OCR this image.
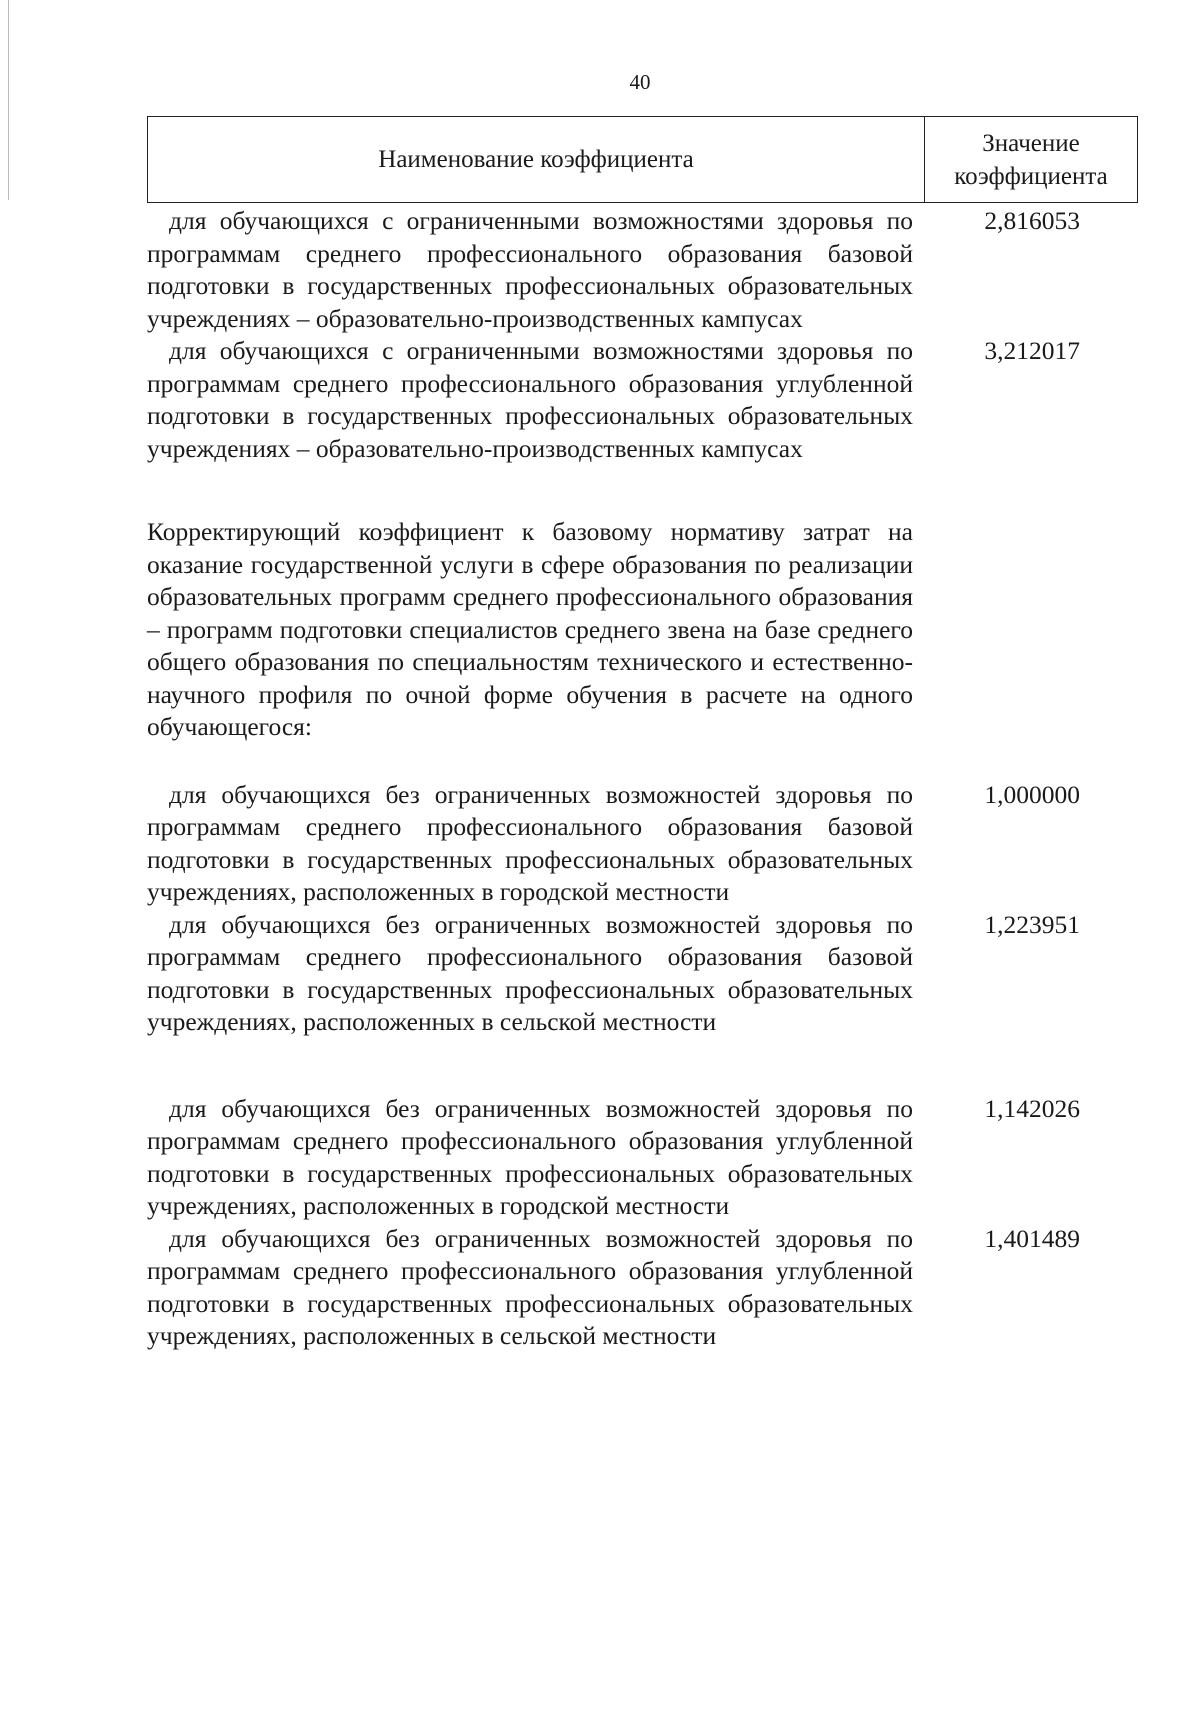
40
Наименование коэффициента
Значение
коэффициента
для обучающихся с ограниченными возможностями здоровья по программам среднего профессионального образования базовой подготовки в государственных профессиональных образовательных учреждениях – образовательно-производственных кампусах
2,816053
для обучающихся с ограниченными возможностями здоровья по программам среднего профессионального образования углубленной подготовки в государственных профессиональных образовательных учреждениях – образовательно-производственных кампусах
3,212017
Корректирующий коэффициент к базовому нормативу затрат на оказание государственной услуги в сфере образования по реализации образовательных программ среднего профессионального образования – программ подготовки специалистов среднего звена на базе среднего общего образования по специальностям технического и естественно-научного профиля по очной форме обучения в расчете на одного обучающегося:
для обучающихся без ограниченных возможностей здоровья по программам среднего профессионального образования базовой подготовки в государственных профессиональных образовательных учреждениях, расположенных в городской местности
1,000000
для обучающихся без ограниченных возможностей здоровья по программам среднего профессионального образования базовой подготовки в государственных профессиональных образовательных учреждениях, расположенных в сельской местности
1,223951
для обучающихся без ограниченных возможностей здоровья по программам среднего профессионального образования углубленной подготовки в государственных профессиональных образовательных учреждениях, расположенных в городской местности
1,142026
для обучающихся без ограниченных возможностей здоровья по программам среднего профессионального образования углубленной подготовки в государственных профессиональных образовательных учреждениях, расположенных в сельской местности
1,401489
